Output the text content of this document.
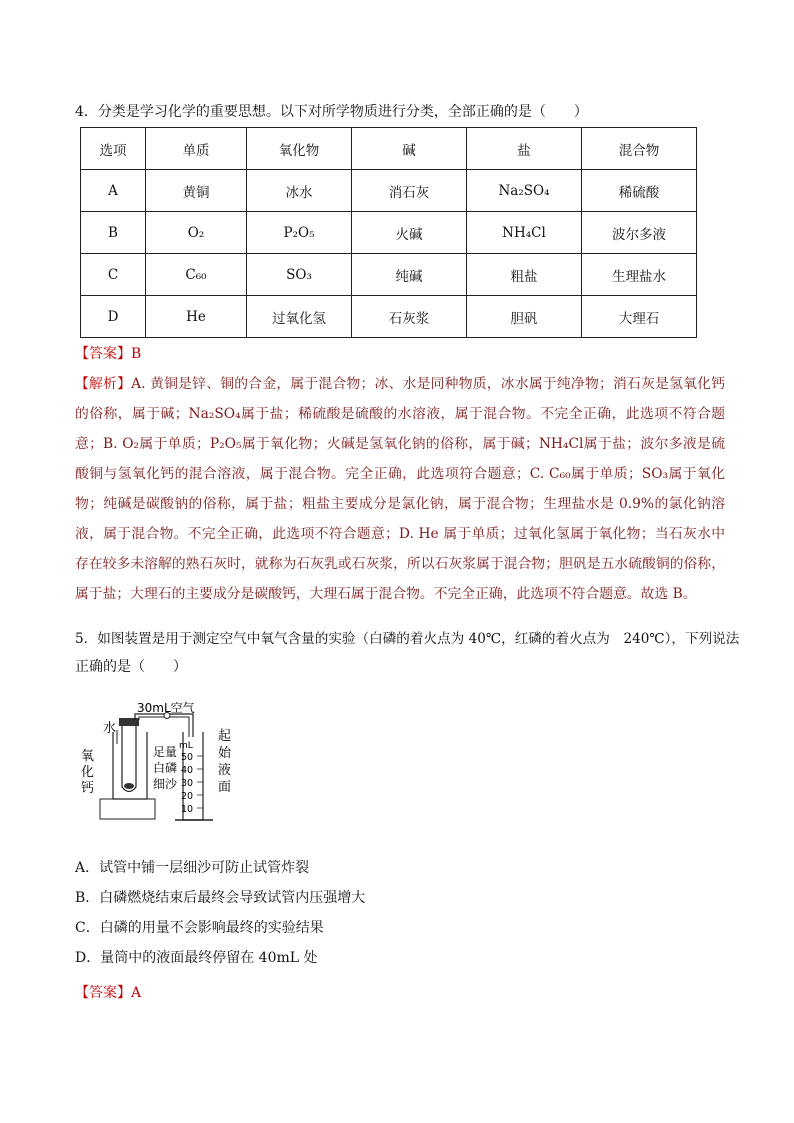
4．分类是学习化学的重要思想。以下对所学物质进行分类，全部正确的是（　　）
选项	单质	氧化物	碱	盐	混合物
A	黄铜	冰水	消石灰	Na₂SO₄	稀硫酸
B	O₂	P₂O₅	火碱	NH₄Cl	波尔多液
C	C₆₀	SO₃	纯碱	粗盐	生理盐水
D	He	过氧化氢	石灰浆	胆矾	大理石
【答案】B
【解析】A. 黄铜是锌、铜的合金，属于混合物；冰、水是同种物质，冰水属于纯净物；消石灰是氢氧化钙的俗称，属于碱；Na₂SO₄属于盐；稀硫酸是硫酸的水溶液，属于混合物。不完全正确，此选项不符合题意；B. O₂属于单质；P₂O₅属于氧化物；火碱是氢氧化钠的俗称，属于碱；NH₄Cl属于盐；波尔多液是硫酸铜与氢氧化钙的混合溶液，属于混合物。完全正确，此选项符合题意；C. C₆₀属于单质；SO₃属于氧化物；纯碱是碳酸钠的俗称，属于盐；粗盐主要成分是氯化钠，属于混合物；生理盐水是 0.9%的氯化钠溶液，属于混合物。不完全正确，此选项不符合题意；D. He 属于单质；过氧化氢属于氧化物；当石灰水中存在较多未溶解的熟石灰时，就称为石灰乳或石灰浆，所以石灰浆属于混合物；胆矾是五水硫酸铜的俗称，属于盐；大理石的主要成分是碳酸钙，大理石属于混合物。不完全正确，此选项不符合题意。故选 B。
5．如图装置是用于测定空气中氧气含量的实验（白磷的着火点为 40℃，红磷的着火点为　240℃），下列说法
正确的是（　　）
水
30mL空气
mL
50
40
30
20
10
氧
化
钙
足量
白磷
细沙
起
始
液
面
A．试管中铺一层细沙可防止试管炸裂
B．白磷燃烧结束后最终会导致试管内压强增大
C．白磷的用量不会影响最终的实验结果
D．量筒中的液面最终停留在 40mL 处
【答案】A
